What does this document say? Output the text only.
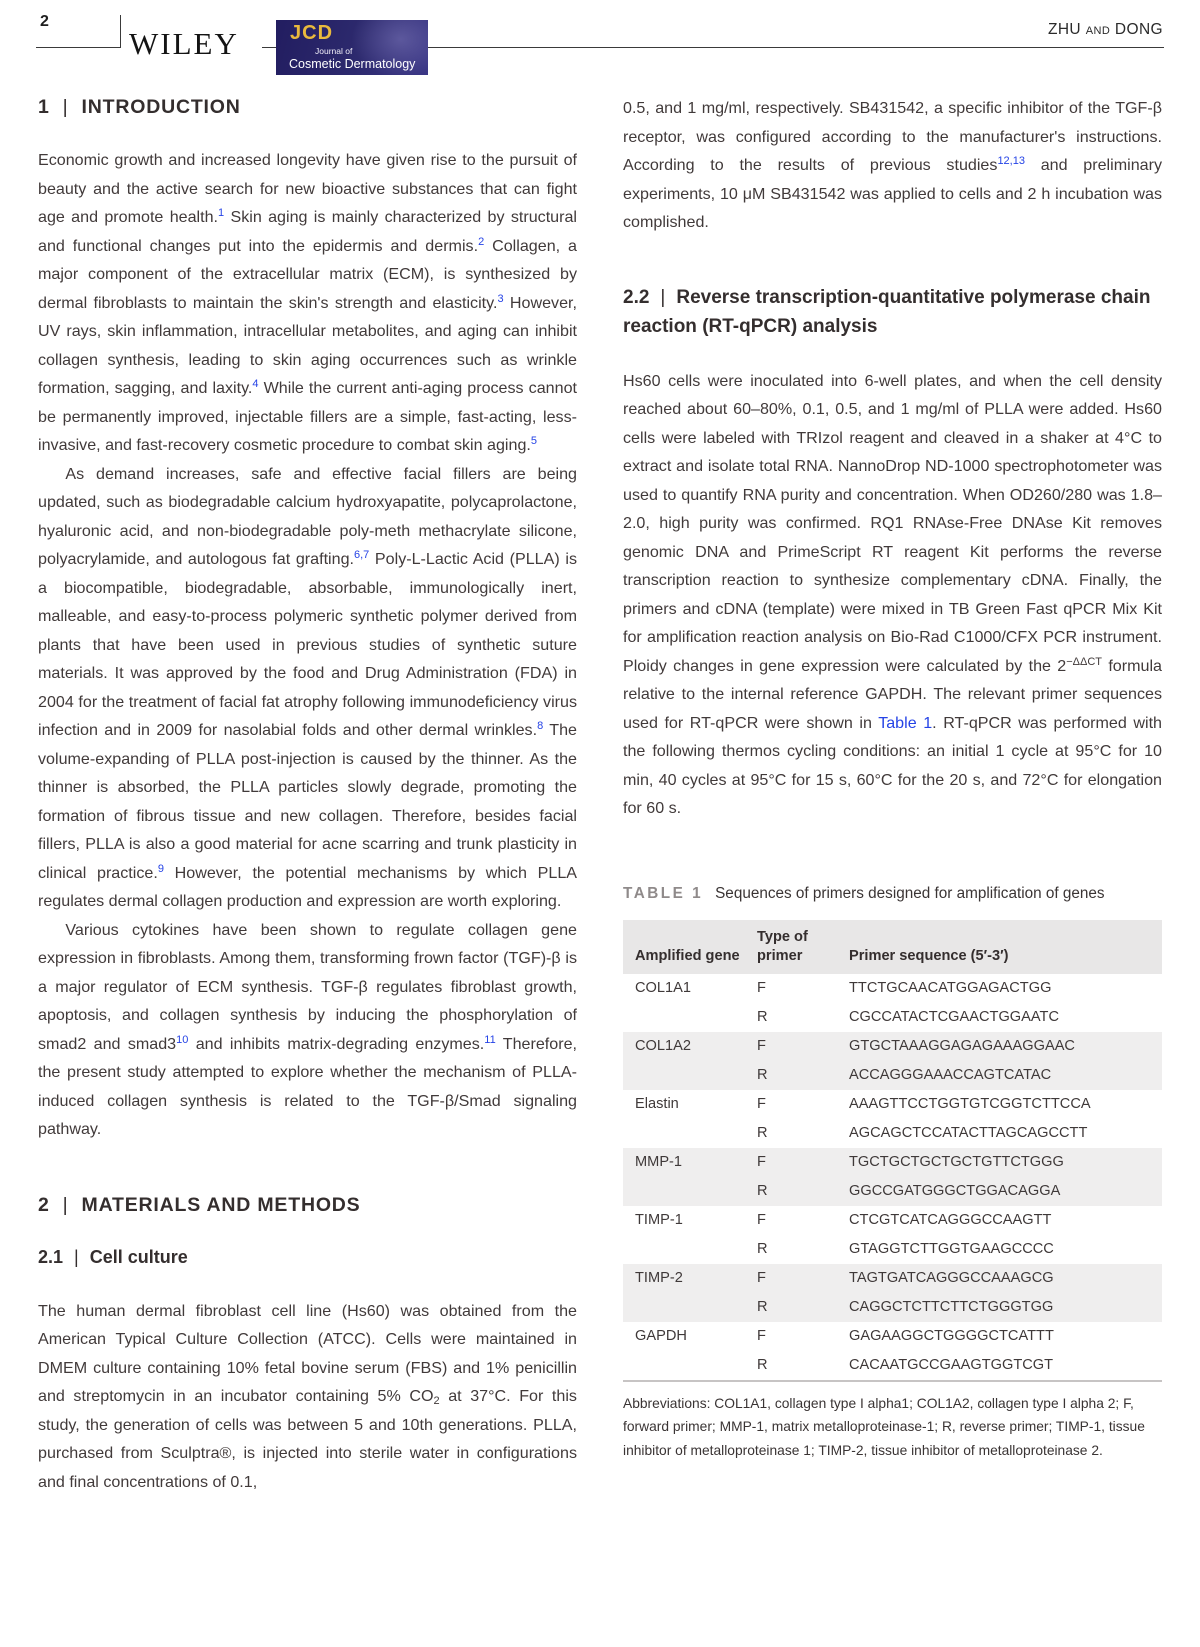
2
WILEY	JCD
Journal of
Cosmetic Dermatology
ZHU AND DONG
1 | INTRODUCTION

Economic growth and increased longevity have given rise to the pursuit of beauty and the active search for new bioactive substances that can fight age and promote health.$^1$ Skin aging is mainly characterized by structural and functional changes put into the epidermis and dermis.$^2$ Collagen, a major component of the extracellular matrix (ECM), is synthesized by dermal fibroblasts to maintain the skin's strength and elasticity.$^3$ However, UV rays, skin inflammation, intracellular metabolites, and aging can inhibit collagen synthesis, leading to skin aging occurrences such as wrinkle formation, sagging, and laxity.$^4$ While the current anti-aging process cannot be permanently improved, injectable fillers are a simple, fast-acting, less-invasive, and fast-recovery cosmetic procedure to combat skin aging.$^5$

As demand increases, safe and effective facial fillers are being updated, such as biodegradable calcium hydroxyapatite, polycaprolactone, hyaluronic acid, and non-biodegradable poly-meth methacrylate silicone, polyacrylamide, and autologous fat grafting.$^{6,7}$ Poly-L-Lactic Acid (PLLA) is a biocompatible, biodegradable, absorbable, immunologically inert, malleable, and easy-to-process polymeric synthetic polymer derived from plants that have been used in previous studies of synthetic suture materials. It was approved by the food and Drug Administration (FDA) in 2004 for the treatment of facial fat atrophy following immunodeficiency virus infection and in 2009 for nasolabial folds and other dermal wrinkles.$^8$ The volume-expanding of PLLA post-injection is caused by the thinner. As the thinner is absorbed, the PLLA particles slowly degrade, promoting the formation of fibrous tissue and new collagen. Therefore, besides facial fillers, PLLA is also a good material for acne scarring and trunk plasticity in clinical practice.$^9$ However, the potential mechanisms by which PLLA regulates dermal collagen production and expression are worth exploring.

Various cytokines have been shown to regulate collagen gene expression in fibroblasts. Among them, transforming frown factor (TGF)-β is a major regulator of ECM synthesis. TGF-β regulates fibroblast growth, apoptosis, and collagen synthesis by inducing the phosphorylation of smad2 and smad3$^{10}$ and inhibits matrix-degrading enzymes.$^{11}$ Therefore, the present study attempted to explore whether the mechanism of PLLA-induced collagen synthesis is related to the TGF-β/Smad signaling pathway.

2 | MATERIALS AND METHODS
2.1 | Cell culture

The human dermal fibroblast cell line (Hs60) was obtained from the American Typical Culture Collection (ATCC). Cells were maintained in DMEM culture containing 10% fetal bovine serum (FBS) and 1% penicillin and streptomycin in an incubator containing 5% CO2 at 37°C. For this study, the generation of cells was between 5 and 10th generations. PLLA, purchased from Sculptra®, is injected into sterile water in configurations and final concentrations of 0.1,

0.5, and 1 mg/ml, respectively. SB431542, a specific inhibitor of the TGF-β receptor, was configured according to the manufacturer's instructions. According to the results of previous studies$^{12,13}$ and preliminary experiments, 10 μM SB431542 was applied to cells and 2 h incubation was complished.

2.2 | Reverse transcription-quantitative polymerase chain reaction (RT-qPCR) analysis

Hs60 cells were inoculated into 6-well plates, and when the cell density reached about 60–80%, 0.1, 0.5, and 1 mg/ml of PLLA were added. Hs60 cells were labeled with TRIzol reagent and cleaved in a shaker at 4°C to extract and isolate total RNA. NannoDrop ND-1000 spectrophotometer was used to quantify RNA purity and concentration. When OD260/280 was 1.8–2.0, high purity was confirmed. RQ1 RNAse-Free DNAse Kit removes genomic DNA and PrimeScript RT reagent Kit performs the reverse transcription reaction to synthesize complementary cDNA. Finally, the primers and cDNA (template) were mixed in TB Green Fast qPCR Mix Kit for amplification reaction analysis on Bio-Rad C1000/CFX PCR instrument. Ploidy changes in gene expression were calculated by the $2^{-\Delta\Delta CT}$ formula relative to the internal reference GAPDH. The relevant primer sequences used for RT-qPCR were shown in Table 1. RT-qPCR was performed with the following thermos cycling conditions: an initial 1 cycle at 95°C for 10 min, 40 cycles at 95°C for 15 s, 60°C for the 20 s, and 72°C for elongation for 60 s.

TABLE 1 Sequences of primers designed for amplification of genes

Amplified gene	Type of primer	Primer sequence (5′-3′)
COL1A1	F	TTCTGCAACATGGAGACTGG
	R	CGCCATACTCGAACTGGAATC
COL1A2	F	GTGCTAAAGGAGAGAAAGGAAC
	R	ACCAGGGAAACCAGTCATAC
Elastin	F	AAAGTTCCTGGTGTCGGTCTTCCA
	R	AGCAGCTCCATACTTAGCAGCCTT
MMP-1	F	TGCTGCTGCTGCTGTTCTGGG
	R	GGCCGATGGGCTGGACAGGA
TIMP-1	F	CTCGTCATCAGGGCCAAGTT
	R	GTAGGTCTTGGTGAAGCCCC
TIMP-2	F	TAGTGATCAGGGCCAAAGCG
	R	CAGGCTCTTCTTCTGGGTGG
GAPDH	F	GAGAAGGCTGGGGCTCATTT
	R	CACAATGCCGAAGTGGTCGT

Abbreviations: COL1A1, collagen type I alpha1; COL1A2, collagen type I alpha 2; F, forward primer; MMP-1, matrix metalloproteinase-1; R, reverse primer; TIMP-1, tissue inhibitor of metalloproteinase 1; TIMP-2, tissue inhibitor of metalloproteinase 2.
